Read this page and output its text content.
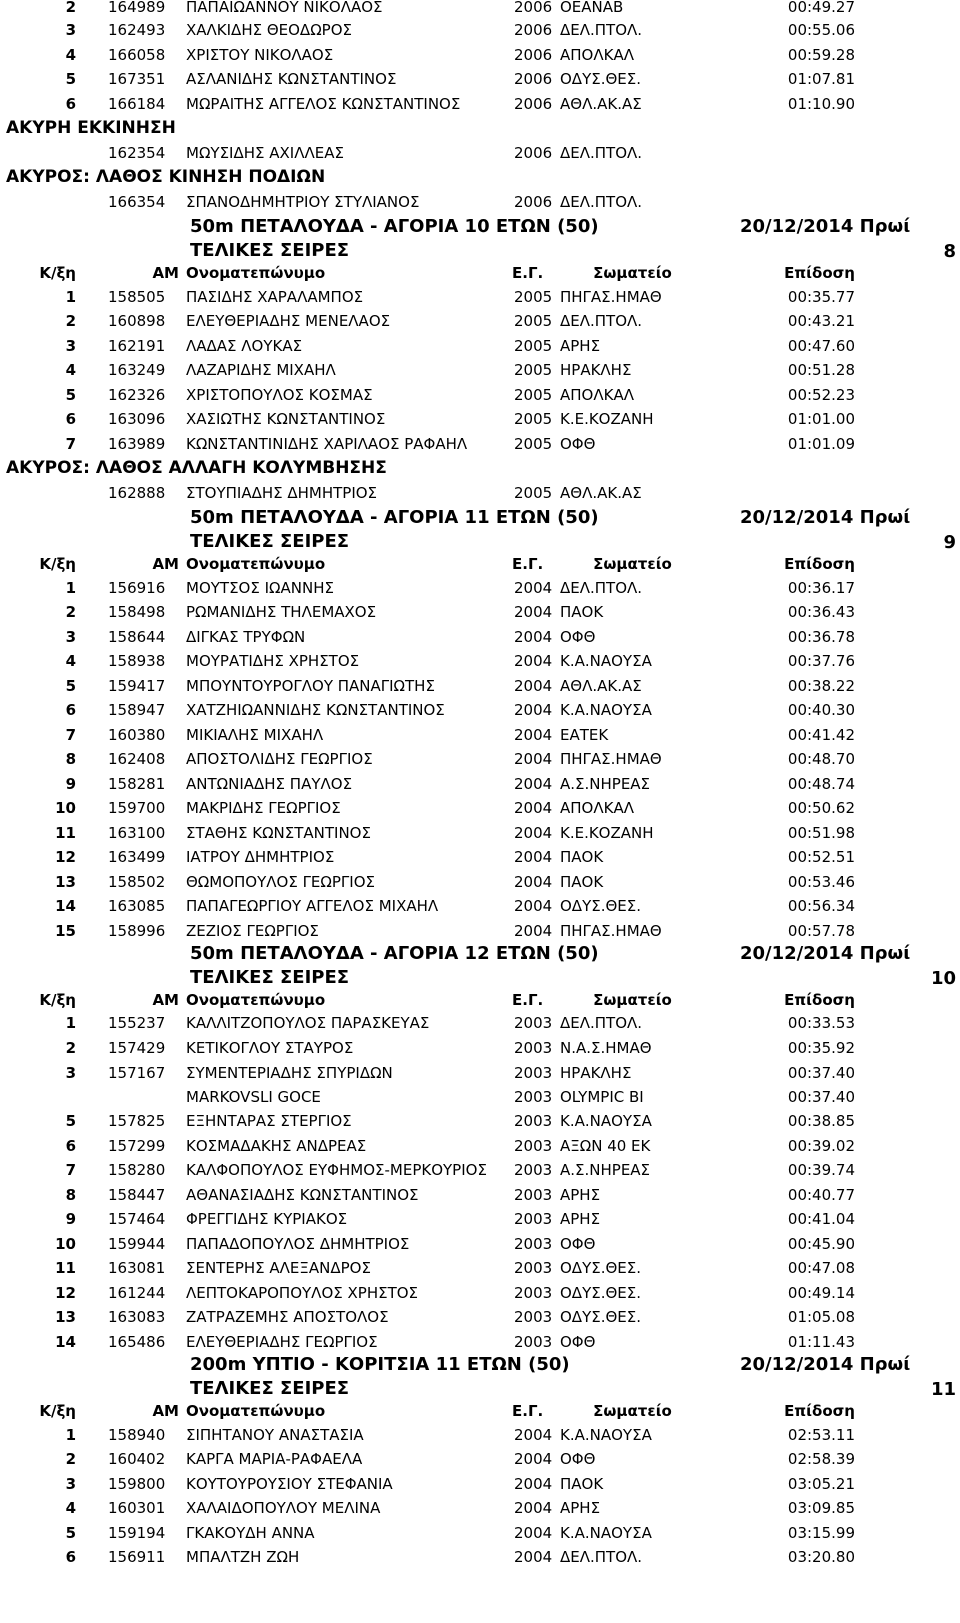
2 164989	ΠΑΠΑΙΩΑΝΝΟΥ ΝΙΚΟΛΑΟΣ	2006 ΟΕΑΝΑΒ	00:49.27
3 162493	ΧΑΛΚΙΔΗΣ ΘΕΟΔΩΡΟΣ	2006 ΔΕΛ.ΠΤΟΛ.	00:55.06
4 166058	ΧΡΙΣΤΟΥ ΝΙΚΟΛΑΟΣ	2006 ΑΠΟΛΚΑΛ	00:59.28
5 167351	ΑΣΛΑΝΙΔΗΣ ΚΩΝΣΤΑΝΤΙΝΟΣ	2006 ΟΔΥΣ.ΘΕΣ.	01:07.81
6 166184	ΜΩΡΑΙΤΗΣ ΑΓΓΕΛΟΣ ΚΩΝΣΤΑΝΤΙΝΟΣ	2006 ΑΘΛ.ΑΚ.ΑΣ	01:10.90
ΑΚΥΡΗ ΕΚΚΙΝΗΣΗ
162354	ΜΩΥΣΙΔΗΣ ΑΧΙΛΛΕΑΣ	2006 ΔΕΛ.ΠΤΟΛ.
ΑΚΥΡΟΣ: ΛΑΘΟΣ ΚΙΝΗΣΗ ΠΟΔΙΩΝ
166354	ΣΠΑΝΟΔΗΜΗΤΡΙΟΥ ΣΤΥΛΙΑΝΟΣ	2006 ΔΕΛ.ΠΤΟΛ.
50m ΠΕΤΑΛΟΥΔΑ - ΑΓΟΡΙΑ 10 ΕΤΩΝ (50)	20/12/2014 Πρωί
ΤΕΛΙΚΕΣ ΣΕΙΡΕΣ	8
Κ/ξη	ΑΜ Ονοματεπώνυμο	Ε.Γ.	Σωματείο	Επίδοση
1 158505	ΠΑΣΙΔΗΣ ΧΑΡΑΛΑΜΠΟΣ	2005 ΠΗΓΑΣ.ΗΜΑΘ	00:35.77
2 160898	ΕΛΕΥΘΕΡΙΑΔΗΣ ΜΕΝΕΛΑΟΣ	2005 ΔΕΛ.ΠΤΟΛ.	00:43.21
3 162191	ΛΑΔΑΣ ΛΟΥΚΑΣ	2005 ΑΡΗΣ	00:47.60
4 163249	ΛΑΖΑΡΙΔΗΣ ΜΙΧΑΗΛ	2005 ΗΡΑΚΛΗΣ	00:51.28
5 162326	ΧΡΙΣΤΟΠΟΥΛΟΣ ΚΟΣΜΑΣ	2005 ΑΠΟΛΚΑΛ	00:52.23
6 163096	ΧΑΣΙΩΤΗΣ ΚΩΝΣΤΑΝΤΙΝΟΣ	2005 Κ.Ε.ΚΟΖΑΝΗ	01:01.00
7 163989	ΚΩΝΣΤΑΝΤΙΝΙΔΗΣ ΧΑΡΙΛΑΟΣ ΡΑΦΑΗΛ	2005 ΟΦΘ	01:01.09
ΑΚΥΡΟΣ: ΛΑΘΟΣ ΑΛΛΑΓΗ ΚΟΛΥΜΒΗΣΗΣ
162888	ΣΤΟΥΠΙΑΔΗΣ ΔΗΜΗΤΡΙΟΣ	2005 ΑΘΛ.ΑΚ.ΑΣ
50m ΠΕΤΑΛΟΥΔΑ - ΑΓΟΡΙΑ 11 ΕΤΩΝ (50)	20/12/2014 Πρωί
ΤΕΛΙΚΕΣ ΣΕΙΡΕΣ	9
Κ/ξη	ΑΜ Ονοματεπώνυμο	Ε.Γ.	Σωματείο	Επίδοση
1 156916	ΜΟΥΤΣΟΣ ΙΩΑΝΝΗΣ	2004 ΔΕΛ.ΠΤΟΛ.	00:36.17
2 158498	ΡΩΜΑΝΙΔΗΣ ΤΗΛΕΜΑΧΟΣ	2004 ΠΑΟΚ	00:36.43
3 158644	ΔΙΓΚΑΣ ΤΡΥΦΩΝ	2004 ΟΦΘ	00:36.78
4 158938	ΜΟΥΡΑΤΙΔΗΣ ΧΡΗΣΤΟΣ	2004 Κ.Α.ΝΑΟΥΣΑ	00:37.76
5 159417	ΜΠΟΥΝΤΟΥΡΟΓΛΟΥ ΠΑΝΑΓΙΩΤΗΣ	2004 ΑΘΛ.ΑΚ.ΑΣ	00:38.22
6 158947	ΧΑΤΖΗΙΩΑΝΝΙΔΗΣ ΚΩΝΣΤΑΝΤΙΝΟΣ	2004 Κ.Α.ΝΑΟΥΣΑ	00:40.30
7 160380	ΜΙΚΙΑΛΗΣ ΜΙΧΑΗΛ	2004 ΕΑΤΕΚ	00:41.42
8 162408	ΑΠΟΣΤΟΛΙΔΗΣ ΓΕΩΡΓΙΟΣ	2004 ΠΗΓΑΣ.ΗΜΑΘ	00:48.70
9 158281	ΑΝΤΩΝΙΑΔΗΣ ΠΑΥΛΟΣ	2004 Α.Σ.ΝΗΡΕΑΣ	00:48.74
10 159700	ΜΑΚΡΙΔΗΣ ΓΕΩΡΓΙΟΣ	2004 ΑΠΟΛΚΑΛ	00:50.62
11 163100	ΣΤΑΘΗΣ ΚΩΝΣΤΑΝΤΙΝΟΣ	2004 Κ.Ε.ΚΟΖΑΝΗ	00:51.98
12 163499	ΙΑΤΡΟΥ ΔΗΜΗΤΡΙΟΣ	2004 ΠΑΟΚ	00:52.51
13 158502	ΘΩΜΟΠΟΥΛΟΣ ΓΕΩΡΓΙΟΣ	2004 ΠΑΟΚ	00:53.46
14 163085	ΠΑΠΑΓΕΩΡΓΙΟΥ ΑΓΓΕΛΟΣ ΜΙΧΑΗΛ	2004 ΟΔΥΣ.ΘΕΣ.	00:56.34
15 158996	ΖΕΖΙΟΣ ΓΕΩΡΓΙΟΣ	2004 ΠΗΓΑΣ.ΗΜΑΘ	00:57.78
50m ΠΕΤΑΛΟΥΔΑ - ΑΓΟΡΙΑ 12 ΕΤΩΝ (50)	20/12/2014 Πρωί
ΤΕΛΙΚΕΣ ΣΕΙΡΕΣ	10
Κ/ξη	ΑΜ Ονοματεπώνυμο	Ε.Γ.	Σωματείο	Επίδοση
1 155237	ΚΑΛΛΙΤΖΟΠΟΥΛΟΣ ΠΑΡΑΣΚΕΥΑΣ	2003 ΔΕΛ.ΠΤΟΛ.	00:33.53
2 157429	ΚΕΤΙΚΟΓΛΟΥ ΣΤΑΥΡΟΣ	2003 Ν.Α.Σ.ΗΜΑΘ	00:35.92
3 157167	ΣΥΜΕΝΤΕΡΙΑΔΗΣ ΣΠΥΡΙΔΩΝ	2003 ΗΡΑΚΛΗΣ	00:37.40
MARKOVSLI GOCE	2003 OLYMPIC BI	00:37.40
5 157825	ΕΞΗΝΤΑΡΑΣ ΣΤΕΡΓΙΟΣ	2003 Κ.Α.ΝΑΟΥΣΑ	00:38.85
6 157299	ΚΟΣΜΑΔΑΚΗΣ ΑΝΔΡΕΑΣ	2003 ΑΞΩΝ 40 ΕΚ	00:39.02
7 158280	ΚΑΛΦΟΠΟΥΛΟΣ ΕΥΦΗΜΟΣ-ΜΕΡΚΟΥΡΙΟΣ	2003 Α.Σ.ΝΗΡΕΑΣ	00:39.74
8 158447	ΑΘΑΝΑΣΙΑΔΗΣ ΚΩΝΣΤΑΝΤΙΝΟΣ	2003 ΑΡΗΣ	00:40.77
9 157464	ΦΡΕΓΓΙΔΗΣ ΚΥΡΙΑΚΟΣ	2003 ΑΡΗΣ	00:41.04
10 159944	ΠΑΠΑΔΟΠΟΥΛΟΣ ΔΗΜΗΤΡΙΟΣ	2003 ΟΦΘ	00:45.90
11 163081	ΣΕΝΤΕΡΗΣ ΑΛΕΞΑΝΔΡΟΣ	2003 ΟΔΥΣ.ΘΕΣ.	00:47.08
12 161244	ΛΕΠΤΟΚΑΡΟΠΟΥΛΟΣ ΧΡΗΣΤΟΣ	2003 ΟΔΥΣ.ΘΕΣ.	00:49.14
13 163083	ΖΑΤΡΑΖΕΜΗΣ ΑΠΟΣΤΟΛΟΣ	2003 ΟΔΥΣ.ΘΕΣ.	01:05.08
14 165486	ΕΛΕΥΘΕΡΙΑΔΗΣ ΓΕΩΡΓΙΟΣ	2003 ΟΦΘ	01:11.43
200m ΥΠΤΙΟ - ΚΟΡΙΤΣΙΑ 11 ΕΤΩΝ (50)	20/12/2014 Πρωί
ΤΕΛΙΚΕΣ ΣΕΙΡΕΣ	11
Κ/ξη	ΑΜ Ονοματεπώνυμο	Ε.Γ.	Σωματείο	Επίδοση
1 158940	ΣΙΠΗΤΑΝΟΥ ΑΝΑΣΤΑΣΙΑ	2004 Κ.Α.ΝΑΟΥΣΑ	02:53.11
2 160402	ΚΑΡΓΑ ΜΑΡΙΑ-ΡΑΦΑΕΛΑ	2004 ΟΦΘ	02:58.39
3 159800	ΚΟΥΤΟΥΡΟΥΣΙΟΥ ΣΤΕΦΑΝΙΑ	2004 ΠΑΟΚ	03:05.21
4 160301	ΧΑΛΑΙΔΟΠΟΥΛΟΥ ΜΕΛΙΝΑ	2004 ΑΡΗΣ	03:09.85
5 159194	ΓΚΑΚΟΥΔΗ ΑΝΝΑ	2004 Κ.Α.ΝΑΟΥΣΑ	03:15.99
6 156911	ΜΠΑΛΤΖΗ ΖΩΗ	2004 ΔΕΛ.ΠΤΟΛ.	03:20.80
